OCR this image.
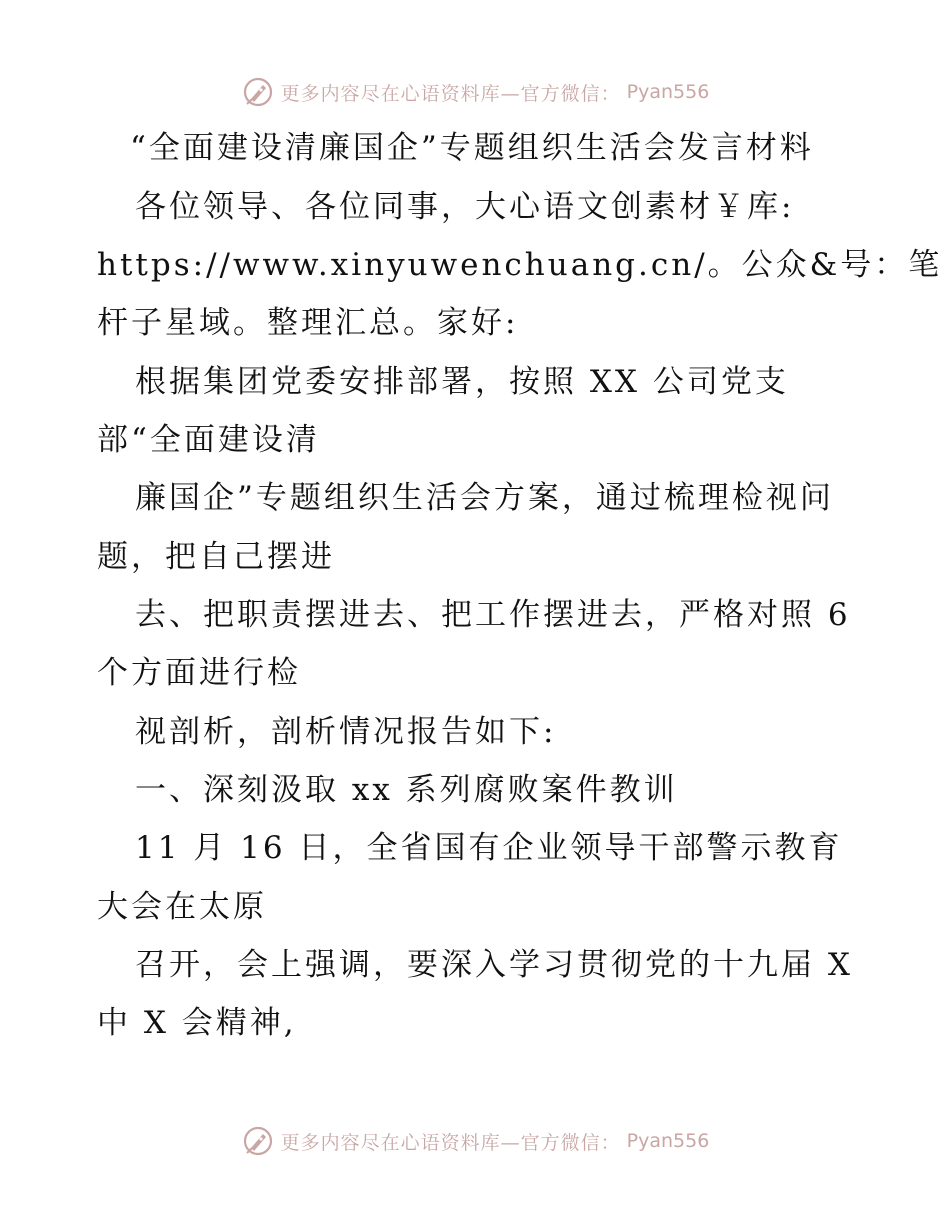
更多内容尽在心语资料库—官方微信： Pyan556
“全面建设清廉国企”专题组织生活会发言材料
各位领导、各位同事，大心语文创素材￥库:
https://www.xinyuwenchuang.cn/。公众&号：笔
杆子星域。整理汇总。家好:
根据集团党委安排部署，按照 XX 公司党支
部“全面建设清
廉国企”专题组织生活会方案，通过梳理检视问
题，把自己摆进
去、把职责摆进去、把工作摆进去，严格对照 6
个方面进行检
视剖析，剖析情况报告如下:
一、深刻汲取 xx 系列腐败案件教训
11 月 16 日，全省国有企业领导干部警示教育
大会在太原
召开，会上强调，要深入学习贯彻党的十九届 X
中 X 会精神,
更多内容尽在心语资料库—官方微信： Pyan556
